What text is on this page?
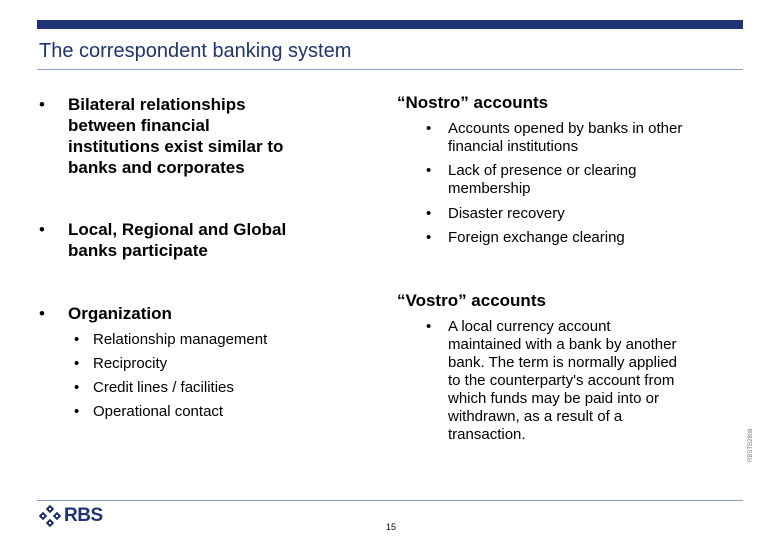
The correspondent banking system
• Bilateral relationships
between financial
institutions exist similar to
banks and corporates
• Local, Regional and Global
banks participate
• Organization
• Relationship management
• Reciprocity
• Credit lines / facilities
• Operational contact
“Nostro” accounts
• Accounts opened by banks in other
financial institutions
• Lack of presence or clearing
membership
• Disaster recovery
• Foreign exchange clearing
“Vostro” accounts
• A local currency account
maintained with a bank by another
bank. The term is normally applied
to the counterparty's account from
which funds may be paid into or
withdrawn, as a result of a
transaction.	RBSTB2808
RBS
15
